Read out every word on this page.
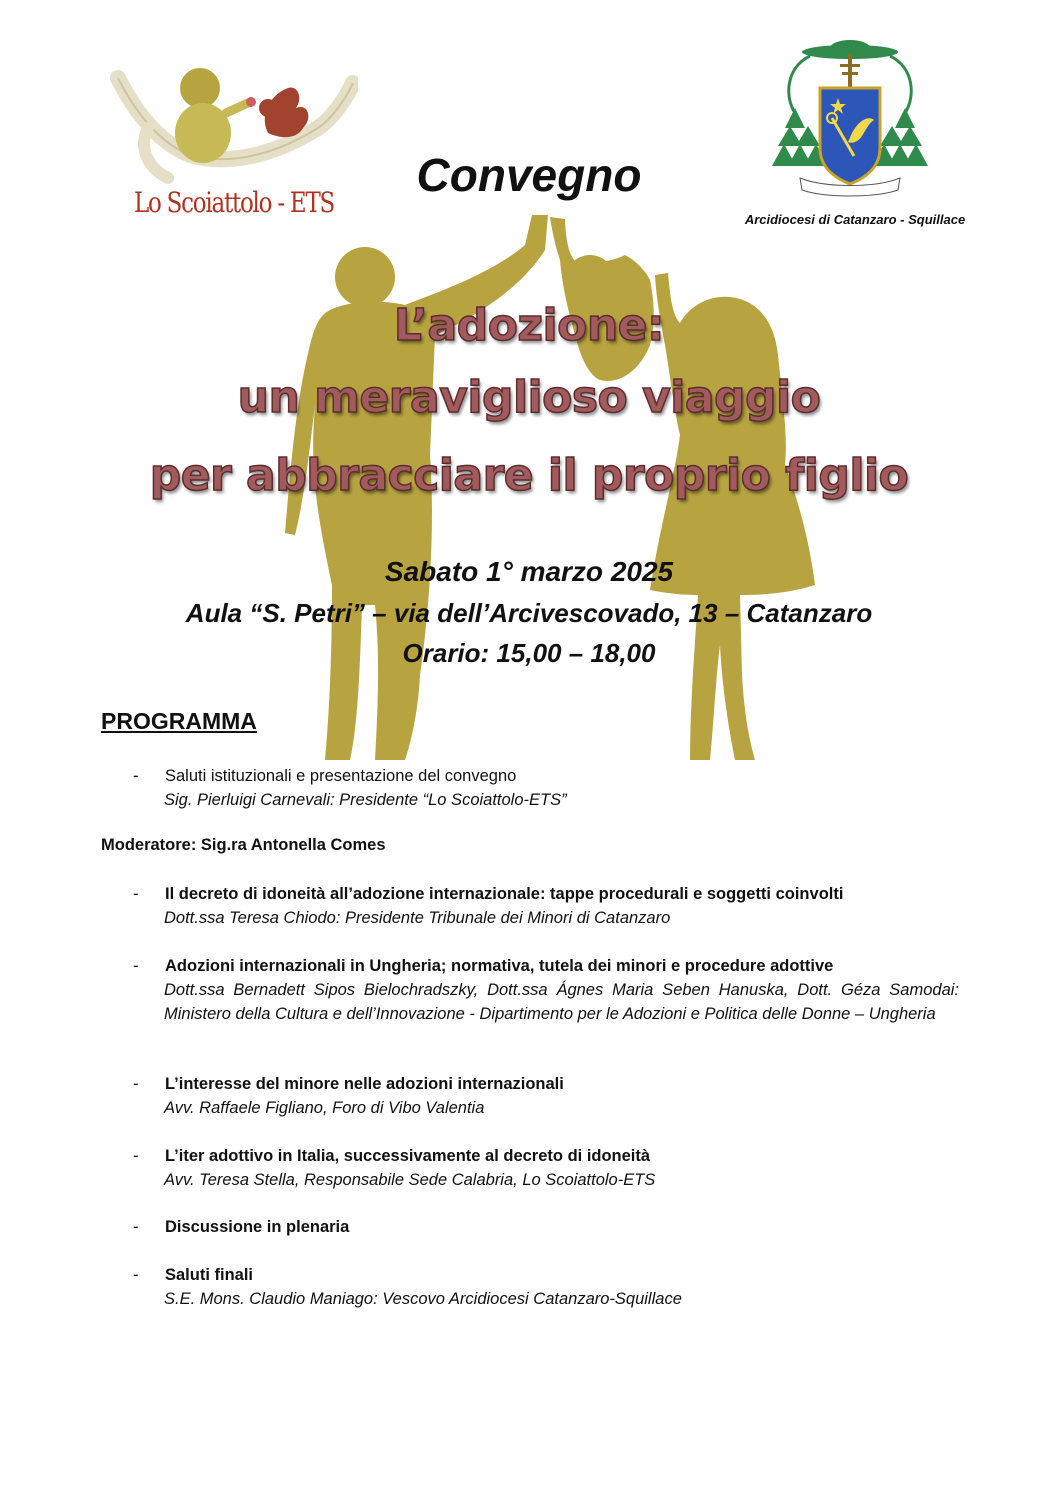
Lo Scoiattolo - ETS
Arcidiocesi di Catanzaro - Squillace
Convegno
L’adozione:
un meraviglioso viaggio
per abbracciare il proprio figlio
Sabato 1° marzo 2025
Aula “S. Petri” – via dell’Arcivescovado, 13 – Catanzaro
Orario: 15,00 – 18,00
PROGRAMMA
-	Saluti istituzionali e presentazione del convegno
Sig. Pierluigi Carnevali: Presidente “Lo Scoiattolo-ETS”
Moderatore: Sig.ra Antonella Comes
-	Il decreto di idoneità all’adozione internazionale: tappe procedurali e soggetti coinvolti
Dott.ssa Teresa Chiodo: Presidente Tribunale dei Minori di Catanzaro
-	Adozioni internazionali in Ungheria; normativa, tutela dei minori e procedure adottive
Dott.ssa Bernadett Sipos Bielochradszky, Dott.ssa Ágnes Maria Seben Hanuska, Dott. Géza Samodai: Ministero della Cultura e dell’Innovazione - Dipartimento per le Adozioni e Politica delle Donne – Ungheria
-	L’interesse del minore nelle adozioni internazionali
Avv. Raffaele Figliano, Foro di Vibo Valentia
-	L’iter adottivo in Italia, successivamente al decreto di idoneità
Avv. Teresa Stella, Responsabile Sede Calabria, Lo Scoiattolo-ETS
-	Discussione in plenaria
-	Saluti finali
S.E. Mons. Claudio Maniago: Vescovo Arcidiocesi Catanzaro-Squillace
